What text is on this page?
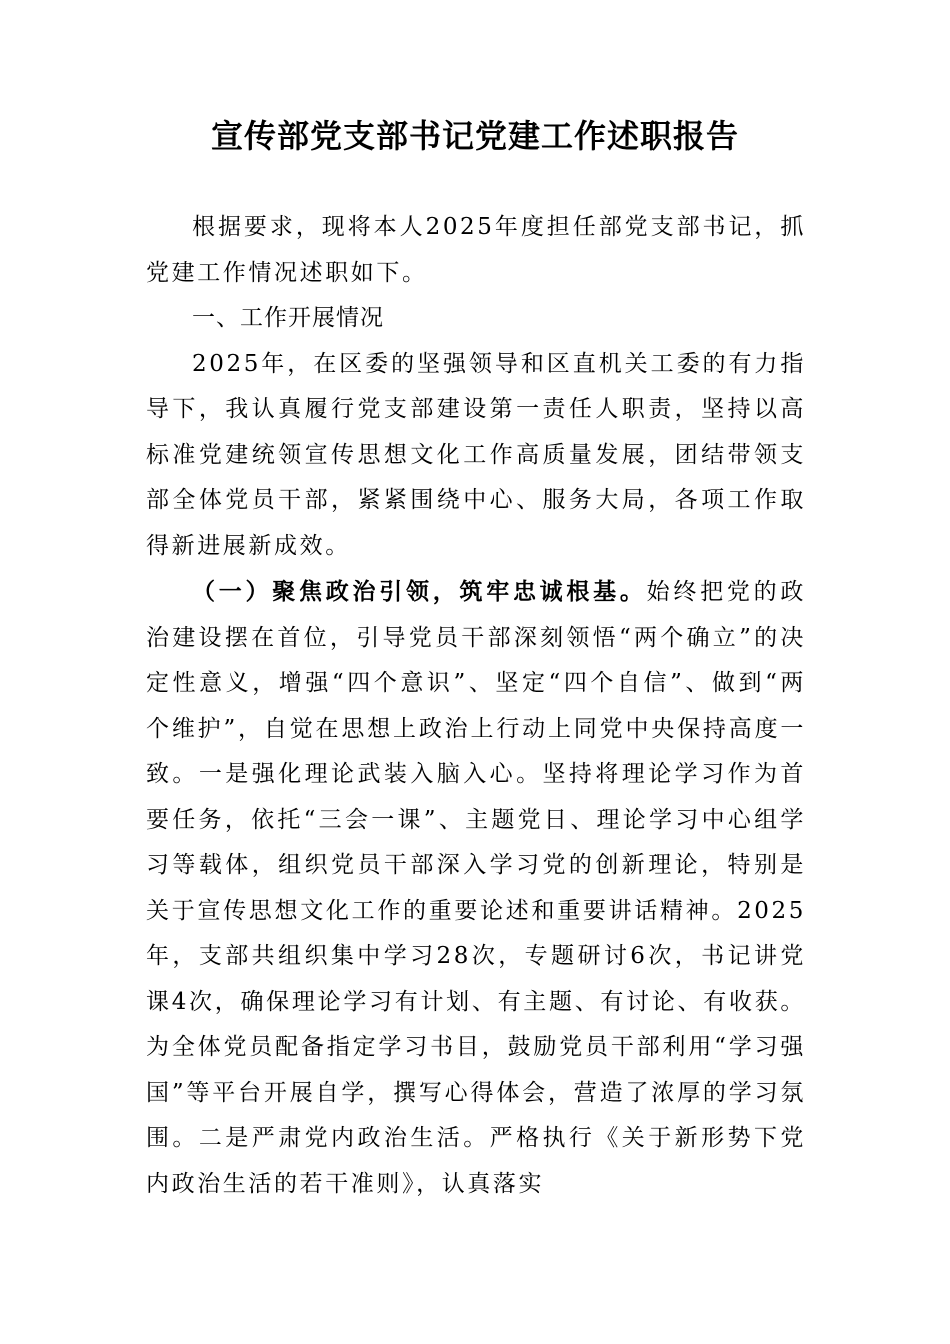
宣传部党支部书记党建工作述职报告

根据要求，现将本人2025年度担任部党支部书记，抓党建工作情况述职如下。

一、工作开展情况

2025年，在区委的坚强领导和区直机关工委的有力指导下，我认真履行党支部建设第一责任人职责，坚持以高标准党建统领宣传思想文化工作高质量发展，团结带领支部全体党员干部，紧紧围绕中心、服务大局，各项工作取得新进展新成效。

（一）聚焦政治引领，筑牢忠诚根基。始终把党的政治建设摆在首位，引导党员干部深刻领悟“两个确立”的决定性意义，增强“四个意识”、坚定“四个自信”、做到“两个维护”，自觉在思想上政治上行动上同党中央保持高度一致。一是强化理论武装入脑入心。坚持将理论学习作为首要任务，依托“三会一课”、主题党日、理论学习中心组学习等载体，组织党员干部深入学习党的创新理论，特别是关于宣传思想文化工作的重要论述和重要讲话精神。2025年，支部共组织集中学习28次，专题研讨6次，书记讲党课4次，确保理论学习有计划、有主题、有讨论、有收获。为全体党员配备指定学习书目，鼓励党员干部利用“学习强国”等平台开展自学，撰写心得体会，营造了浓厚的学习氛围。二是严肃党内政治生活。严格执行《关于新形势下党内政治生活的若干准则》，认真落实
